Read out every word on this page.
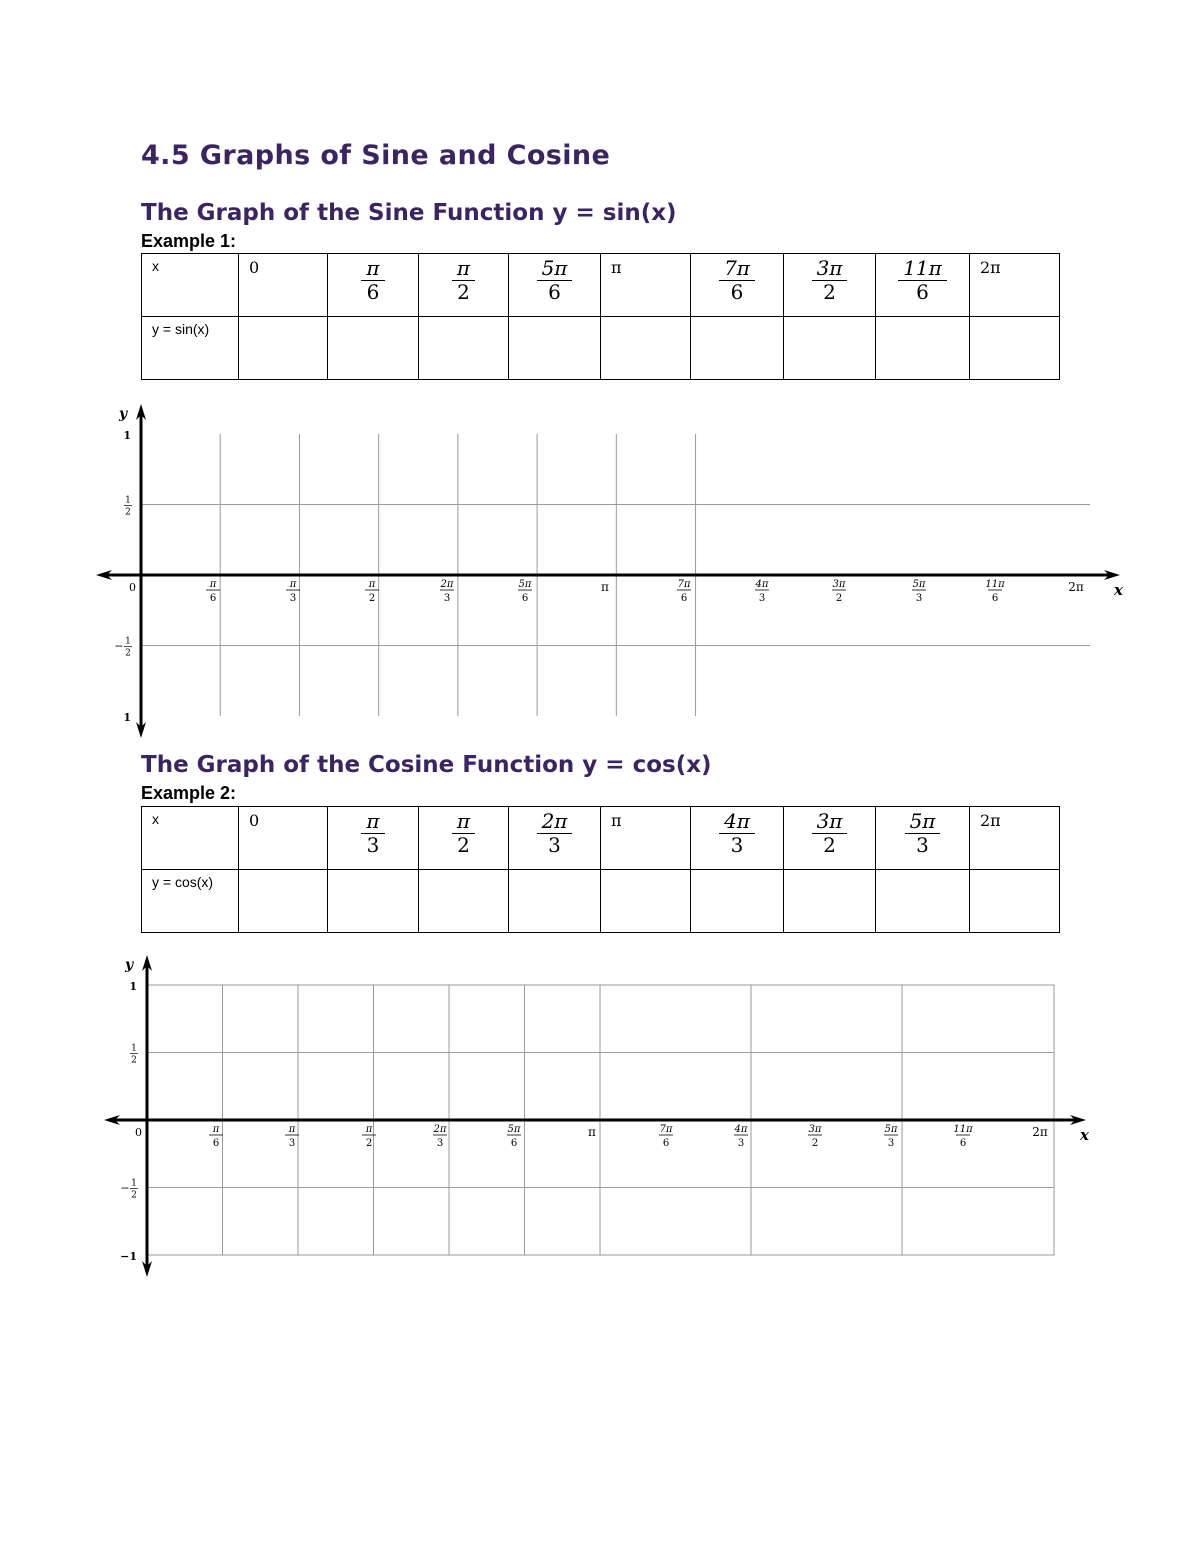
4.5 Graphs of Sine and Cosine
The Graph of the Sine Function y = sin(x)
Example 1:
x	0	$\frac{\pi}{6}$	$\frac{\pi}{2}$	$\frac{5\pi}{6}$	π	$\frac{7\pi}{6}$	$\frac{3\pi}{2}$	$\frac{11\pi}{6}$	2π
y = sin(x)									
y
x
0
1
1
2
− 1
2
1
π
6
π
3
π
2
2π
3
5π
6
π	7π
6
4π
3
3π
2
5π
3
11π
6
2π
The Graph of the Cosine Function y = cos(x)
Example 2:
x	0	$\frac{\pi}{3}$	$\frac{\pi}{2}$	$\frac{2\pi}{3}$	π	$\frac{4\pi}{3}$	$\frac{3\pi}{2}$	$\frac{5\pi}{3}$	2π
y = cos(x)									
y
x
0
1
1
2
− 1
2
−1
π
6
π
3
π
2
2π
3
5π
6
π	7π
6
4π
3
3π
2
5π
3
11π
6
2π
